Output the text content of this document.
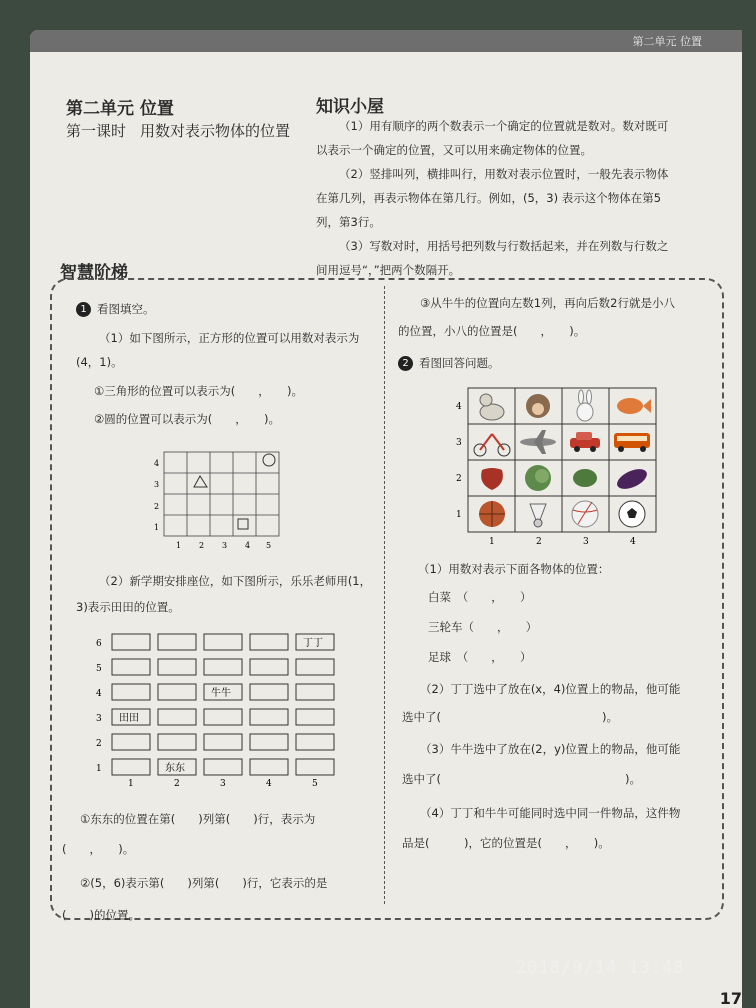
第二单元 位置
17
第二单元 位置
第一课时 用数对表示物体的位置
知识小屋

（1）用有顺序的两个数表示一个确定的位置就是数对。数对既可以表示一个确定的位置，又可以用来确定物体的位置。

（2）竖排叫列，横排叫行，用数对表示位置时，一般先表示物体在第几列，再表示物体在第几行。例如，(5，3) 表示这个物体在第5列，第3行。

（3）写数对时，用括号把列数与行数括起来，并在列数与行数之间用逗号“，”把两个数隔开。

智慧阶梯
1 看图填空。
（1）如下图所示，正方形的位置可以用数对表示为(4，1)。
①三角形的位置可以表示为(　　，　　)。
②圆的位置可以表示为(　　，　　)。
1 2 3 4 5
1
2
3
4
（2）新学期安排座位，如下图所示，乐乐老师用(1，3)表示田田的位置。
丁丁
牛牛
田田
东东
1
2
3
4
5
6
1	2	3	4	5
①东东的位置在第(　　)列第(　　)行，表示为
(　　，　　)。
②(5，6)表示第(　　)列第(　　)行，它表示的是
(　　)的位置。
③从牛牛的位置向左数1列，再向后数2行就是小八
的位置，小八的位置是(　　，　　)。
2 看图回答问题。
1	2	3	4
1
2
3
4
（1）用数对表示下面各物体的位置：
白菜　（　　，　　）
三轮车（　　，　　）
足球　（　　，　　）
（2）丁丁选中了放在(x，4)位置上的物品，他可能
选中了(　　　　　　　　　　　　　　)。
（3）牛牛选中了放在(2，y)位置上的物品，他可能
选中了(　　　　　　　　　　　　　　　　)。
（4）丁丁和牛牛可能同时选中同一件物品，这件物
品是(　　　)，它的位置是(　　，　　)。
2018/9/14 13:48
